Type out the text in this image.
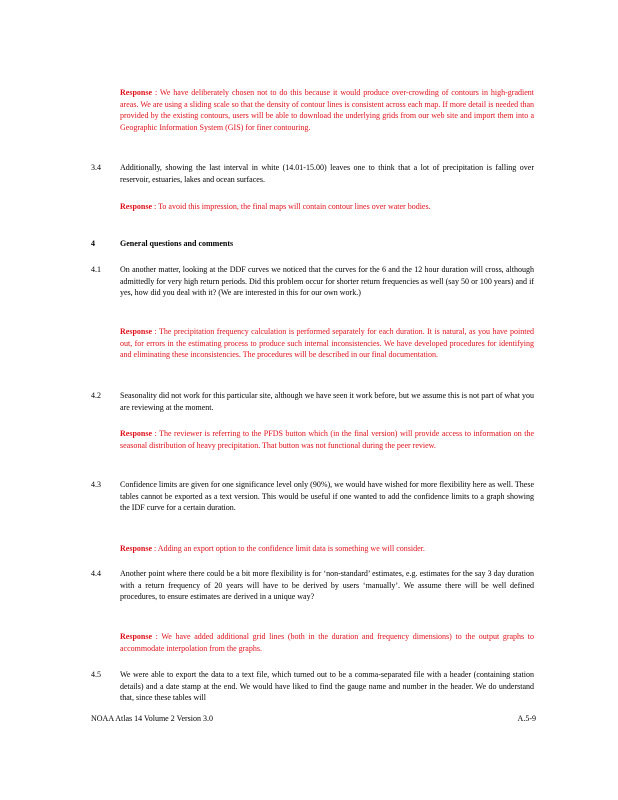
Response : We have deliberately chosen not to do this because it would produce over-crowding of contours in high-gradient areas. We are using a sliding scale so that the density of contour lines is consistent across each map. If more detail is needed than provided by the existing contours, users will be able to download the underlying grids from our web site and import them into a Geographic Information System (GIS) for finer contouring.
3.4 Additionally, showing the last interval in white (14.01-15.00) leaves one to think that a lot of precipitation is falling over reservoir, estuaries, lakes and ocean surfaces.
Response : To avoid this impression, the final maps will contain contour lines over water bodies.
4	General questions and comments
4.1 On another matter, looking at the DDF curves we noticed that the curves for the 6 and the 12 hour duration will cross, although admittedly for very high return periods. Did this problem occur for shorter return frequencies as well (say 50 or 100 years) and if yes, how did you deal with it? (We are interested in this for our own work.)
Response : The precipitation frequency calculation is performed separately for each duration. It is natural, as you have pointed out, for errors in the estimating process to produce such internal inconsistencies. We have developed procedures for identifying and eliminating these inconsistencies. The procedures will be described in our final documentation.
4.2 Seasonality did not work for this particular site, although we have seen it work before, but we assume this is not part of what you are reviewing at the moment.
Response : The reviewer is referring to the PFDS button which (in the final version) will provide access to information on the seasonal distribution of heavy precipitation. That button was not functional during the peer review.
4.3 Confidence limits are given for one significance level only (90%), we would have wished for more flexibility here as well. These tables cannot be exported as a text version. This would be useful if one wanted to add the confidence limits to a graph showing the IDF curve for a certain duration.
Response : Adding an export option to the confidence limit data is something we will consider.
4.4 Another point where there could be a bit more flexibility is for ‘non-standard’ estimates, e.g. estimates for the say 3 day duration with a return frequency of 20 years will have to be derived by users ‘manually’. We assume there will be well defined procedures, to ensure estimates are derived in a unique way?
Response : We have added additional grid lines (both in the duration and frequency dimensions) to the output graphs to accommodate interpolation from the graphs.
4.5 We were able to export the data to a text file, which turned out to be a comma-separated file with a header (containing station details) and a date stamp at the end. We would have liked to find the gauge name and number in the header. We do understand that, since these tables will
NOAA Atlas 14 Volume 2 Version 3.0	A.5-9
